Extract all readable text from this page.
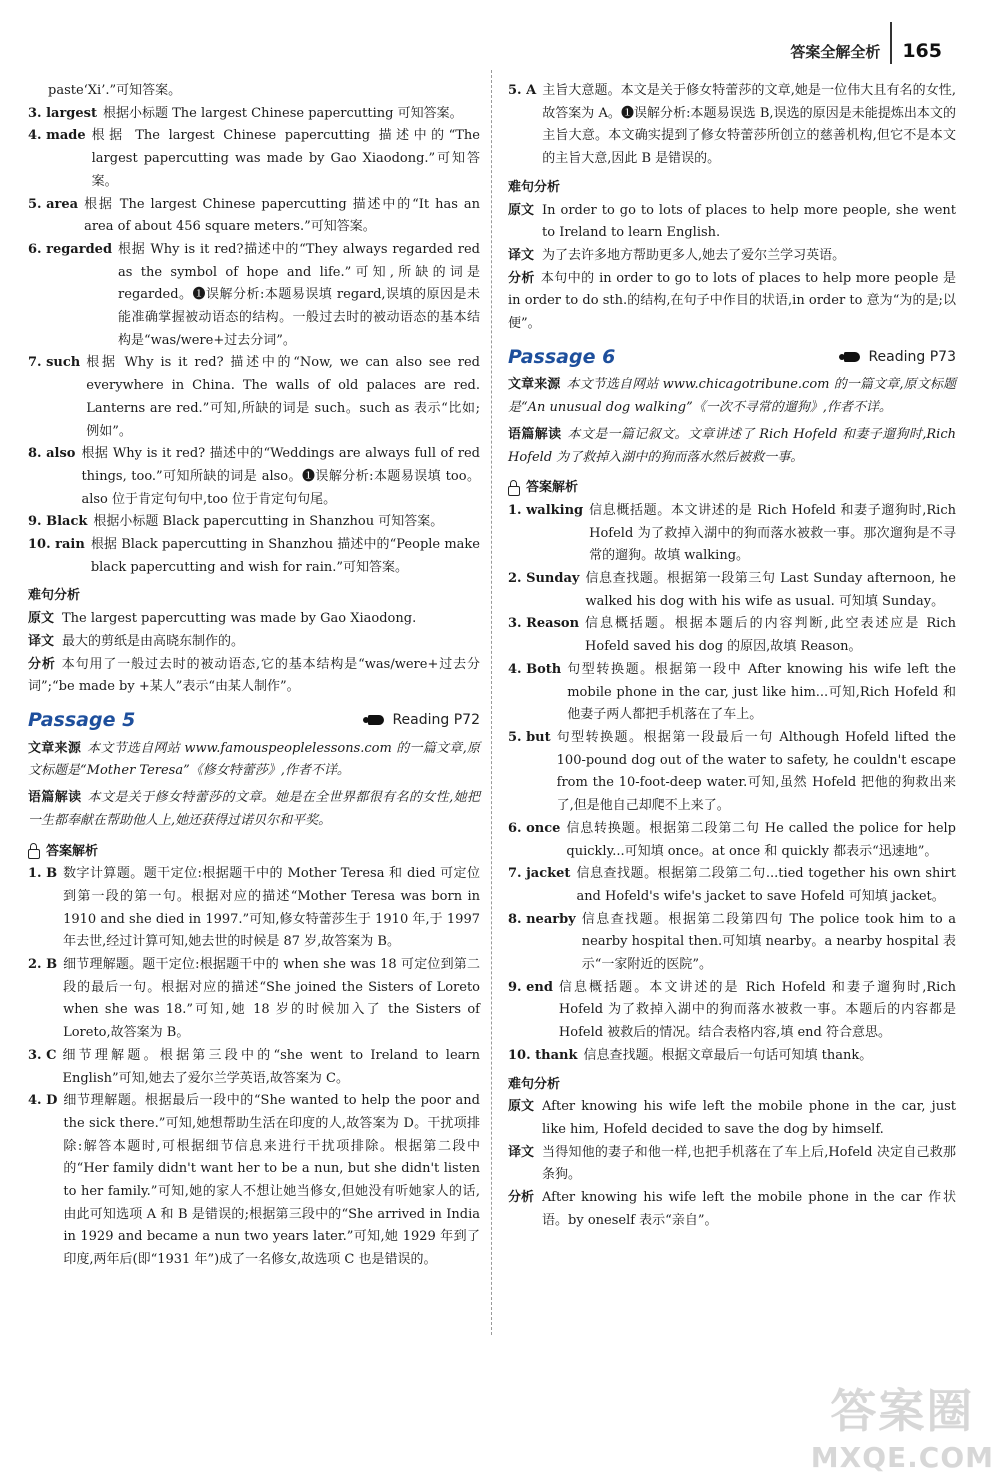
答案全解全析 165
paste‘Xi’.”可知答案。
3. largest 根据小标题 The largest Chinese papercutting 可知答案。
4. made 根据 The largest Chinese papercutting 描述中的“The largest papercutting was made by Gao Xiaodong.”可知答案。
5. area 根据 The largest Chinese papercutting 描述中的“It has an area of about 456 square meters.”可知答案。
6. regarded 根据 Why is it red?描述中的“They always regarded red as the symbol of hope and life.”可知,所缺的词是 regarded。❶误解分析:本题易误填 regard,误填的原因是未能准确掌握被动语态的结构。一般过去时的被动语态的基本结构是“was/were+过去分词”。
7. such 根据 Why is it red? 描述中的“Now, we can also see red everywhere in China. The walls of old palaces are red. Lanterns are red.”可知,所缺的词是 such。such as 表示“比如;例如”。
8. also 根据 Why is it red? 描述中的“Weddings are always full of red things, too.”可知所缺的词是 also。❶误解分析:本题易误填 too。also 位于肯定句句中,too 位于肯定句句尾。
9. Black 根据小标题 Black papercutting in Shanzhou 可知答案。
10. rain 根据 Black papercutting in Shanzhou 描述中的“People make black papercutting and wish for rain.”可知答案。
难句分析
原文 The largest papercutting was made by Gao Xiaodong.
译文 最大的剪纸是由高晓东制作的。
分析 本句用了一般过去时的被动语态,它的基本结构是“was/were+过去分词”;“be made by +某人”表示“由某人制作”。
Passage 5	Reading P72
文章来源 本文节选自网站 www.famouspeoplelessons.com 的一篇文章,原文标题是“Mother Teresa”《修女特蕾莎》,作者不详。
语篇解读 本文是关于修女特蕾莎的文章。她是在全世界都很有名的女性,她把一生都奉献在帮助他人上,她还获得过诺贝尔和平奖。
答案解析
1. B 数字计算题。题干定位:根据题干中的 Mother Teresa 和 died 可定位到第一段的第一句。根据对应的描述“Mother Teresa was born in 1910 and she died in 1997.”可知,修女特蕾莎生于 1910 年,于 1997 年去世,经过计算可知,她去世的时候是 87 岁,故答案为 B。
2. B 细节理解题。题干定位:根据题干中的 when she was 18 可定位到第二段的最后一句。根据对应的描述“She joined the Sisters of Loreto when she was 18.”可知,她 18 岁的时候加入了 the Sisters of Loreto,故答案为 B。
3. C 细节理解题。根据第三段中的“she went to Ireland to learn English”可知,她去了爱尔兰学英语,故答案为 C。
4. D 细节理解题。根据最后一段中的“She wanted to help the poor and the sick there.”可知,她想帮助生活在印度的人,故答案为 D。干扰项排除:解答本题时,可根据细节信息来进行干扰项排除。根据第二段中的“Her family didn't want her to be a nun, but she didn't listen to her family.”可知,她的家人不想让她当修女,但她没有听她家人的话,由此可知选项 A 和 B 是错误的;根据第三段中的“She arrived in India in 1929 and became a nun two years later.”可知,她 1929 年到了印度,两年后(即“1931 年”)成了一名修女,故选项 C 也是错误的。
5. A 主旨大意题。本文是关于修女特蕾莎的文章,她是一位伟大且有名的女性,故答案为 A。❶误解分析:本题易误选 B,误选的原因是未能提炼出本文的主旨大意。本文确实提到了修女特蕾莎所创立的慈善机构,但它不是本文的主旨大意,因此 B 是错误的。
难句分析
原文 In order to go to lots of places to help more people, she went to Ireland to learn English.
译文 为了去许多地方帮助更多人,她去了爱尔兰学习英语。
分析 本句中的 in order to go to lots of places to help more people 是 in order to do sth.的结构,在句子中作目的状语,in order to 意为“为的是;以便”。
Passage 6	Reading P73
文章来源 本文节选自网站 www.chicagotribune.com 的一篇文章,原文标题是“An unusual dog walking”《一次不寻常的遛狗》,作者不详。
语篇解读 本文是一篇记叙文。文章讲述了 Rich Hofeld 和妻子遛狗时,Rich Hofeld 为了救掉入湖中的狗而落水然后被救一事。
答案解析
1. walking 信息概括题。本文讲述的是 Rich Hofeld 和妻子遛狗时,Rich Hofeld 为了救掉入湖中的狗而落水被救一事。那次遛狗是不寻常的遛狗。故填 walking。
2. Sunday 信息查找题。根据第一段第三句 Last Sunday afternoon, he walked his dog with his wife as usual. 可知填 Sunday。
3. Reason 信息概括题。根据本题后的内容判断,此空表述应是 Rich Hofeld saved his dog 的原因,故填 Reason。
4. Both 句型转换题。根据第一段中 After knowing his wife left the mobile phone in the car, just like him...可知,Rich Hofeld 和他妻子两人都把手机落在了车上。
5. but 句型转换题。根据第一段最后一句 Although Hofeld lifted the 100-pound dog out of the water to safety, he couldn't escape from the 10-foot-deep water.可知,虽然 Hofeld 把他的狗救出来了,但是他自己却爬不上来了。
6. once 信息转换题。根据第二段第二句 He called the police for help quickly...可知填 once。at once 和 quickly 都表示“迅速地”。
7. jacket 信息查找题。根据第二段第二句...tied together his own shirt and Hofeld's wife's jacket to save Hofeld 可知填 jacket。
8. nearby 信息查找题。根据第二段第四句 The police took him to a nearby hospital then.可知填 nearby。a nearby hospital 表示“一家附近的医院”。
9. end 信息概括题。本文讲述的是 Rich Hofeld 和妻子遛狗时,Rich Hofeld 为了救掉入湖中的狗而落水被救一事。本题后的内容都是 Hofeld 被救后的情况。结合表格内容,填 end 符合意思。
10. thank 信息查找题。根据文章最后一句话可知填 thank。
难句分析
原文 After knowing his wife left the mobile phone in the car, just like him, Hofeld decided to save the dog by himself.
译文 当得知他的妻子和他一样,也把手机落在了车上后,Hofeld 决定自己救那条狗。
分析 After knowing his wife left the mobile phone in the car 作状语。by oneself 表示“亲自”。
答案圈
MXQE.COM
